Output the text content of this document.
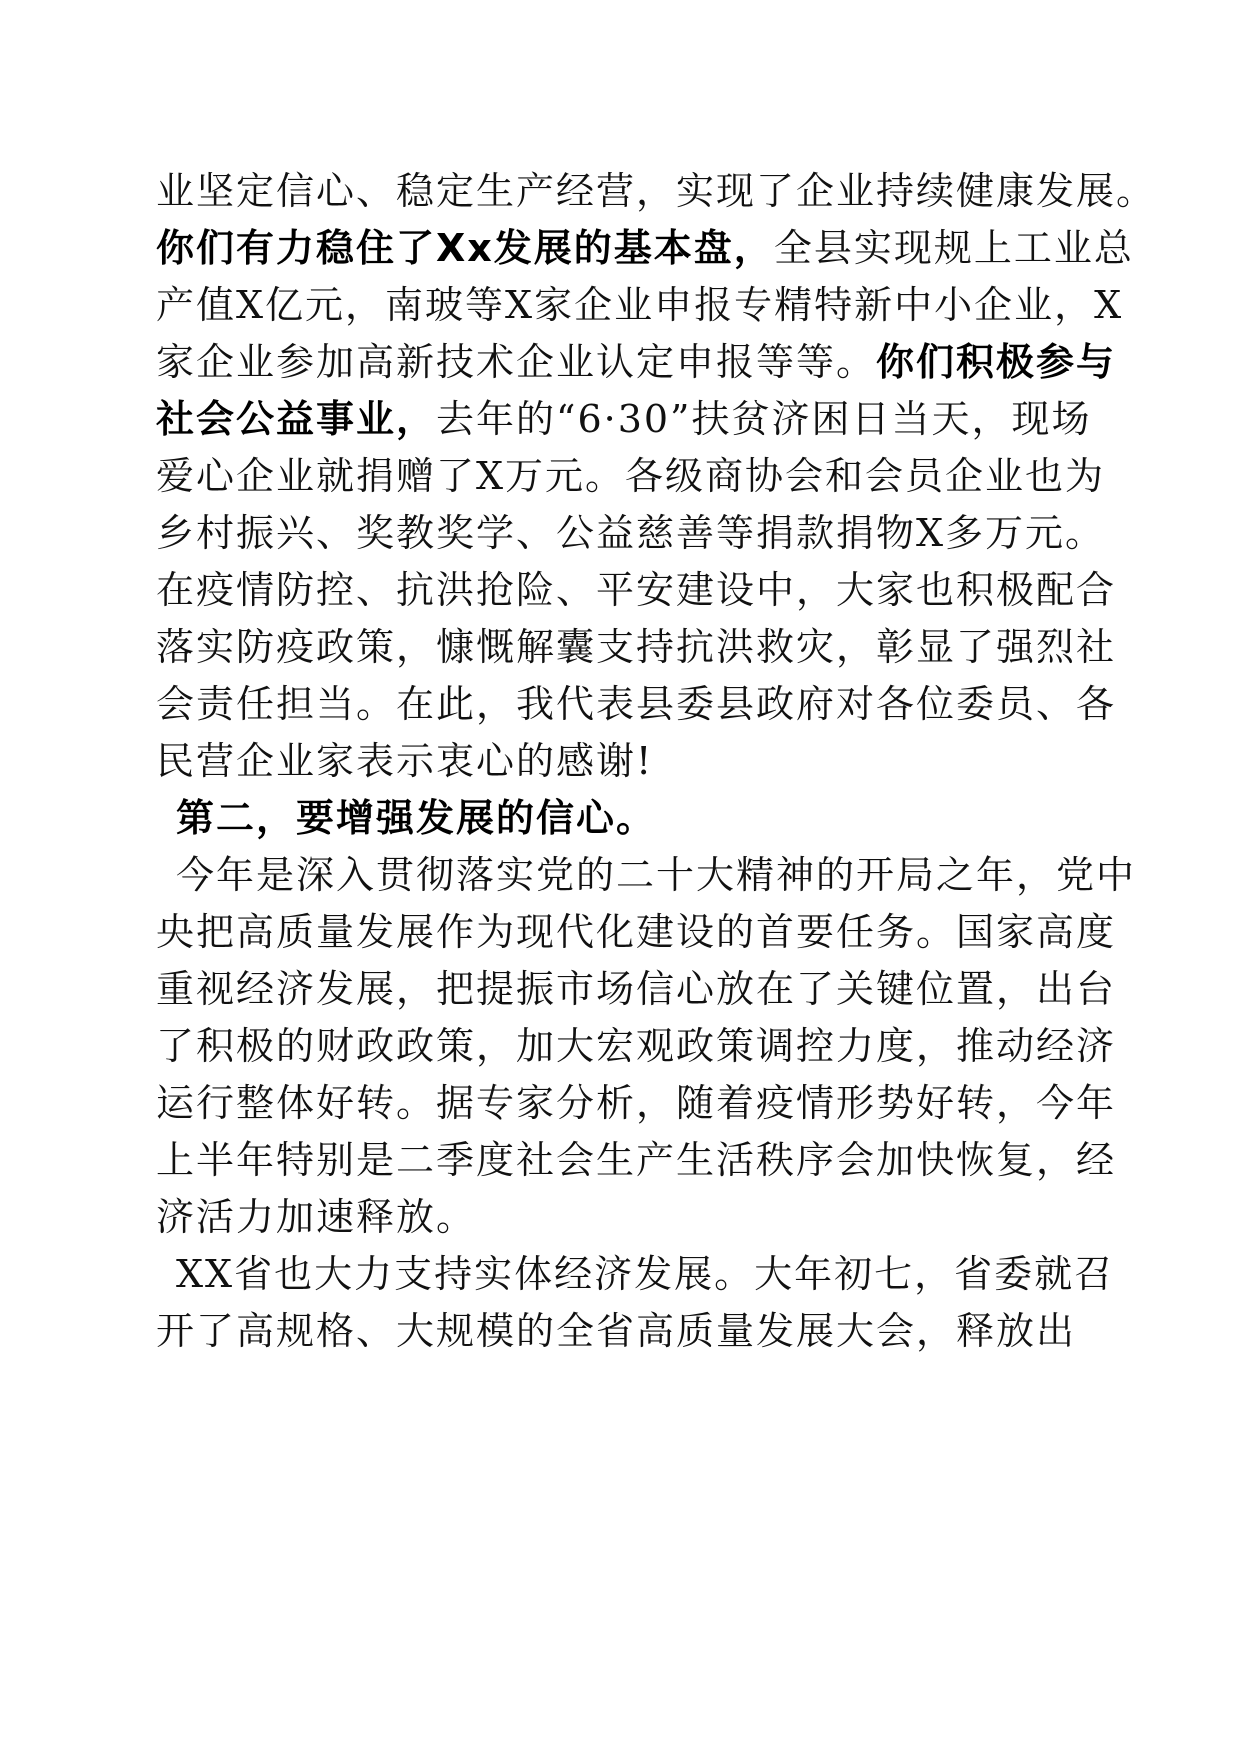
业坚定信心、稳定生产经营，实现了企业持续健康发展。
你们有力稳住了Xx发展的基本盘，全县实现规上工业总
产值X亿元，南玻等X家企业申报专精特新中小企业，X
家企业参加高新技术企业认定申报等等。你们积极参与
社会公益事业，去年的“6·30”扶贫济困日当天，现场
爱心企业就捐赠了X万元。各级商协会和会员企业也为
乡村振兴、奖教奖学、公益慈善等捐款捐物X多万元。
在疫情防控、抗洪抢险、平安建设中，大家也积极配合
落实防疫政策，慷慨解囊支持抗洪救灾，彰显了强烈社
会责任担当。在此，我代表县委县政府对各位委员、各
民营企业家表示衷心的感谢!
第二，要增强发展的信心。
今年是深入贯彻落实党的二十大精神的开局之年，党中
央把高质量发展作为现代化建设的首要任务。国家高度
重视经济发展，把提振市场信心放在了关键位置，出台
了积极的财政政策，加大宏观政策调控力度，推动经济
运行整体好转。据专家分析，随着疫情形势好转，今年
上半年特别是二季度社会生产生活秩序会加快恢复，经
济活力加速释放。
XX省也大力支持实体经济发展。大年初七，省委就召
开了高规格、大规模的全省高质量发展大会，释放出
